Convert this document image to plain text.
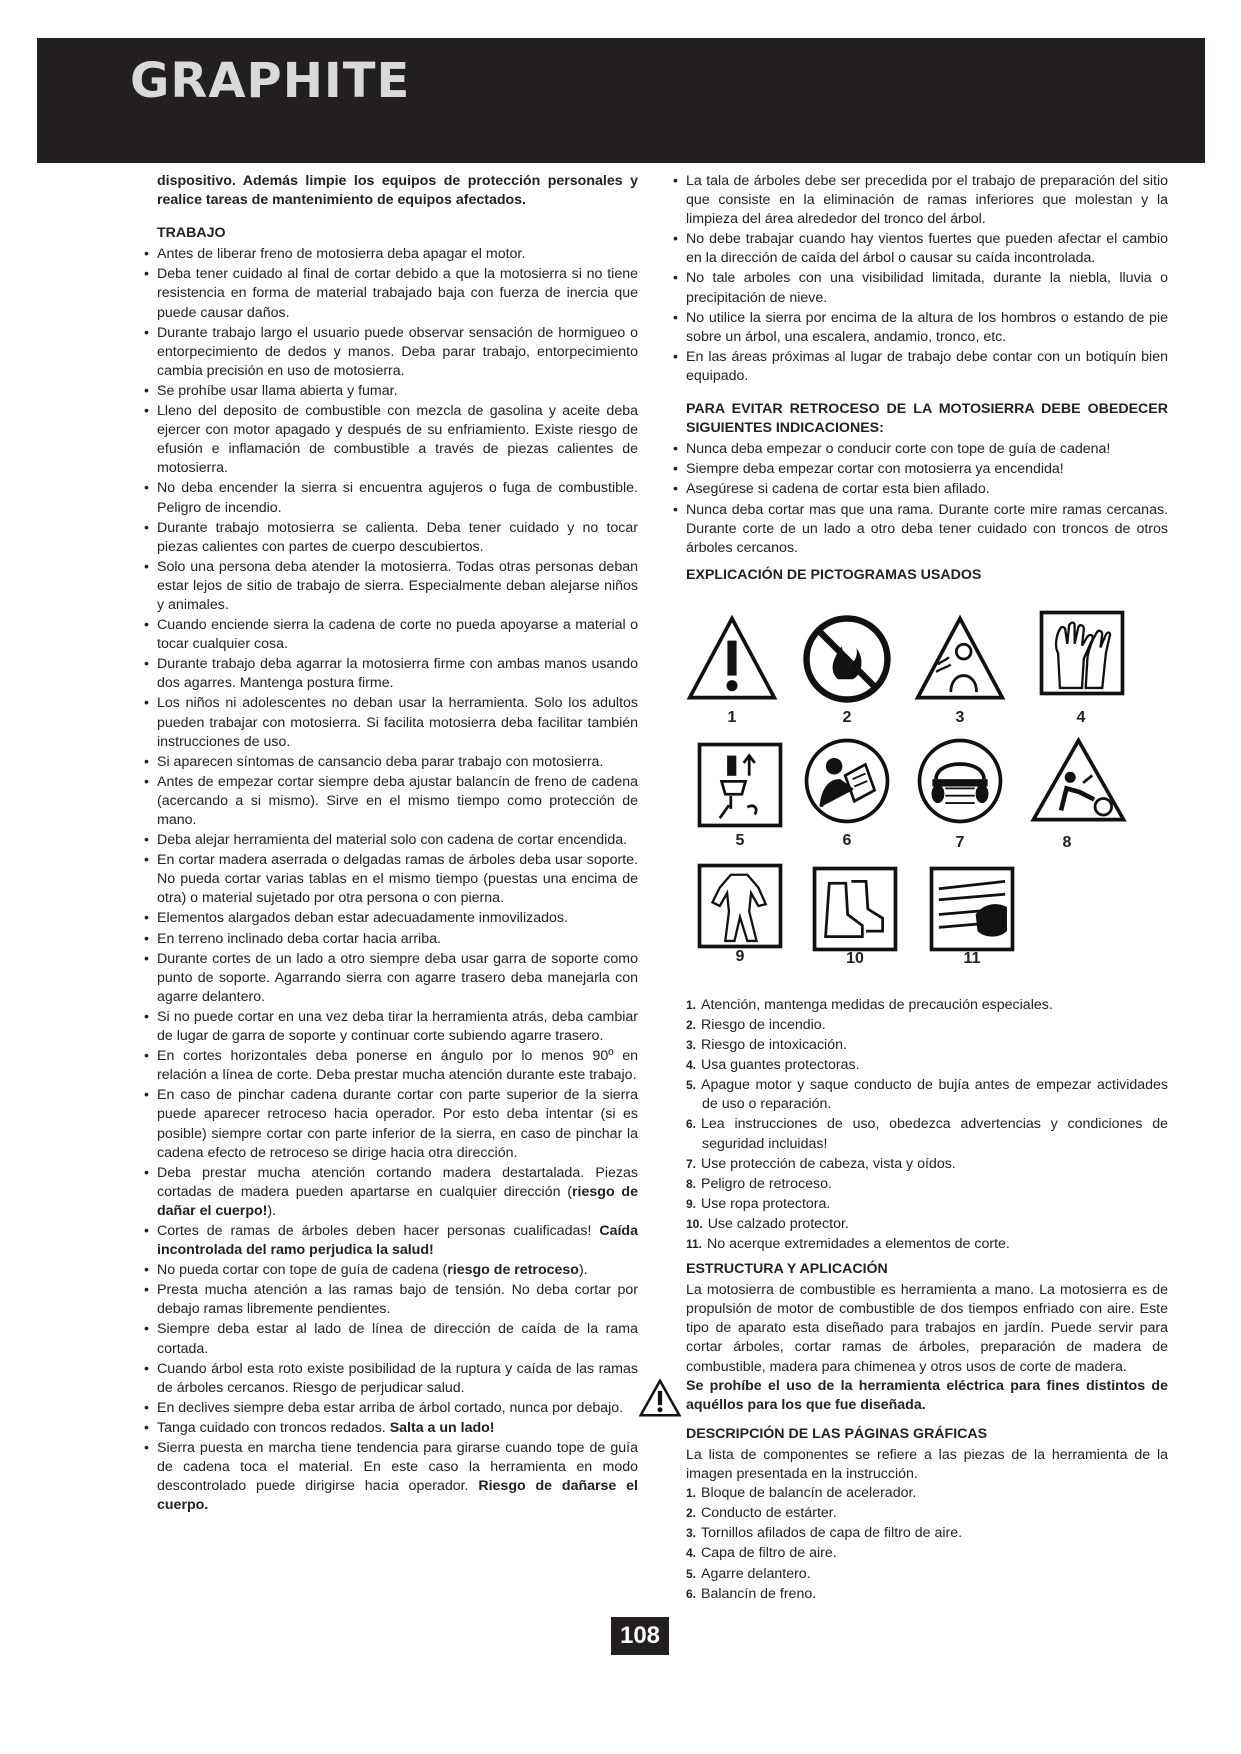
GRAPHITE

dispositivo. Además limpie los equipos de protección personales y realice tareas de mantenimiento de equipos afectados.

TRABAJO

• Antes de liberar freno de motosierra deba apagar el motor.
• Deba tener cuidado al final de cortar debido a que la motosierra si no tiene resistencia en forma de material trabajado baja con fuerza de inercia que puede causar daños.
• Durante trabajo largo el usuario puede observar sensación de hormigueo o entorpecimiento de dedos y manos. Deba parar trabajo, entorpecimiento cambia precisión en uso de motosierra.
• Se prohíbe usar llama abierta y fumar.
• Lleno del deposito de combustible con mezcla de gasolina y aceite deba ejercer con motor apagado y después de su enfriamiento. Existe riesgo de efusión e inflamación de combustible a través de piezas calientes de motosierra.
• No deba encender la sierra si encuentra agujeros o fuga de combustible. Peligro de incendio.
• Durante trabajo motosierra se calienta. Deba tener cuidado y no tocar piezas calientes con partes de cuerpo descubiertos.
• Solo una persona deba atender la motosierra. Todas otras personas deban estar lejos de sitio de trabajo de sierra. Especialmente deban alejarse niños y animales.
• Cuando enciende sierra la cadena de corte no pueda apoyarse a material o tocar cualquier cosa.
• Durante trabajo deba agarrar la motosierra firme con ambas manos usando dos agarres. Mantenga postura firme.
• Los niños ni adolescentes no deban usar la herramienta. Solo los adultos pueden trabajar con motosierra. Si facilita motosierra deba facilitar también instrucciones de uso.
• Si aparecen síntomas de cansancio deba parar trabajo con motosierra.
• Antes de empezar cortar siempre deba ajustar balancín de freno de cadena (acercando a si mismo). Sirve en el mismo tiempo como protección de mano.
• Deba alejar herramienta del material solo con cadena de cortar encendida.
• En cortar madera aserrada o delgadas ramas de árboles deba usar soporte. No pueda cortar varias tablas en el mismo tiempo (puestas una encima de otra) o material sujetado por otra persona o con pierna.
• Elementos alargados deban estar adecuadamente inmovilizados.
• En terreno inclinado deba cortar hacia arriba.
• Durante cortes de un lado a otro siempre deba usar garra de soporte como punto de soporte. Agarrando sierra con agarre trasero deba manejarla con agarre delantero.
• Si no puede cortar en una vez deba tirar la herramienta atrás, deba cambiar de lugar de garra de soporte y continuar corte subiendo agarre trasero.
• En cortes horizontales deba ponerse en ángulo por lo menos 90º en relación a línea de corte. Deba prestar mucha atención durante este trabajo.
• En caso de pinchar cadena durante cortar con parte superior de la sierra puede aparecer retroceso hacia operador. Por esto deba intentar (si es posible) siempre cortar con parte inferior de la sierra, en caso de pinchar la cadena efecto de retroceso se dirige hacia otra dirección.
• Deba prestar mucha atención cortando madera destartalada. Piezas cortadas de madera pueden apartarse en cualquier dirección (riesgo de dañar el cuerpo!).
• Cortes de ramas de árboles deben hacer personas cualificadas! Caída incontrolada del ramo perjudica la salud!
• No pueda cortar con tope de guía de cadena (riesgo de retroceso).
• Presta mucha atención a las ramas bajo de tensión. No deba cortar por debajo ramas libremente pendientes.
• Siempre deba estar al lado de línea de dirección de caída de la rama cortada.
• Cuando árbol esta roto existe posibilidad de la ruptura y caída de las ramas de árboles cercanos. Riesgo de perjudicar salud.
• En declives siempre deba estar arriba de árbol cortado, nunca por debajo.
• Tanga cuidado con troncos redados. Salta a un lado!
• Sierra puesta en marcha tiene tendencia para girarse cuando tope de guía de cadena toca el material. En este caso la herramienta en modo descontrolado puede dirigirse hacia operador. Riesgo de dañarse el cuerpo.
• La tala de árboles debe ser precedida por el trabajo de preparación del sitio que consiste en la eliminación de ramas inferiores que molestan y la limpieza del área alrededor del tronco del árbol.
• No debe trabajar cuando hay vientos fuertes que pueden afectar el cambio en la dirección de caída del árbol o causar su caída incontrolada.
• No tale arboles con una visibilidad limitada, durante la niebla, lluvia o precipitación de nieve.
• No utilice la sierra por encima de la altura de los hombros o estando de pie sobre un árbol, una escalera, andamio, tronco, etc.
• En las áreas próximas al lugar de trabajo debe contar con un botiquín bien equipado.

PARA EVITAR RETROCESO DE LA MOTOSIERRA DEBE OBEDECER SIGUIENTES INDICACIONES:

• Nunca deba empezar o conducir corte con tope de guía de cadena!
• Siempre deba empezar cortar con motosierra ya encendida!
• Asegúrese si cadena de cortar esta bien afilado.
• Nunca deba cortar mas que una rama. Durante corte mire ramas cercanas. Durante corte de un lado a otro deba tener cuidado con troncos de otros árboles cercanos.

EXPLICACIÓN DE PICTOGRAMAS USADOS

1	2	3	4
5	6	7	8
9	10	11
1. Atención, mantenga medidas de precaución especiales.
2. Riesgo de incendio.
3. Riesgo de intoxicación.
4. Usa guantes protectoras.
5. Apague motor y saque conducto de bujía antes de empezar actividades de uso o reparación.
6. Lea instrucciones de uso, obedezca advertencias y condiciones de seguridad incluidas!
7. Use protección de cabeza, vista y oídos.
8. Peligro de retroceso.
9. Use ropa protectora.
10. Use calzado protector.
11. No acerque extremidades a elementos de corte.

ESTRUCTURA Y APLICACIÓN

La motosierra de combustible es herramienta a mano. La motosierra es de propulsión de motor de combustible de dos tiempos enfriado con aire. Este tipo de aparato esta diseñado para trabajos en jardín. Puede servir para cortar árboles, cortar ramas de árboles, preparación de madera de combustible, madera para chimenea y otros usos de corte de madera.

Se prohíbe el uso de la herramienta eléctrica para fines distintos de aquéllos para los que fue diseñada.

DESCRIPCIÓN DE LAS PÁGINAS GRÁFICAS

La lista de componentes se refiere a las piezas de la herramienta de la imagen presentada en la instrucción.

1. Bloque de balancín de acelerador.
2. Conducto de estárter.
3. Tornillos afilados de capa de filtro de aire.
4. Capa de filtro de aire.
5. Agarre delantero.
6. Balancín de freno.
108
